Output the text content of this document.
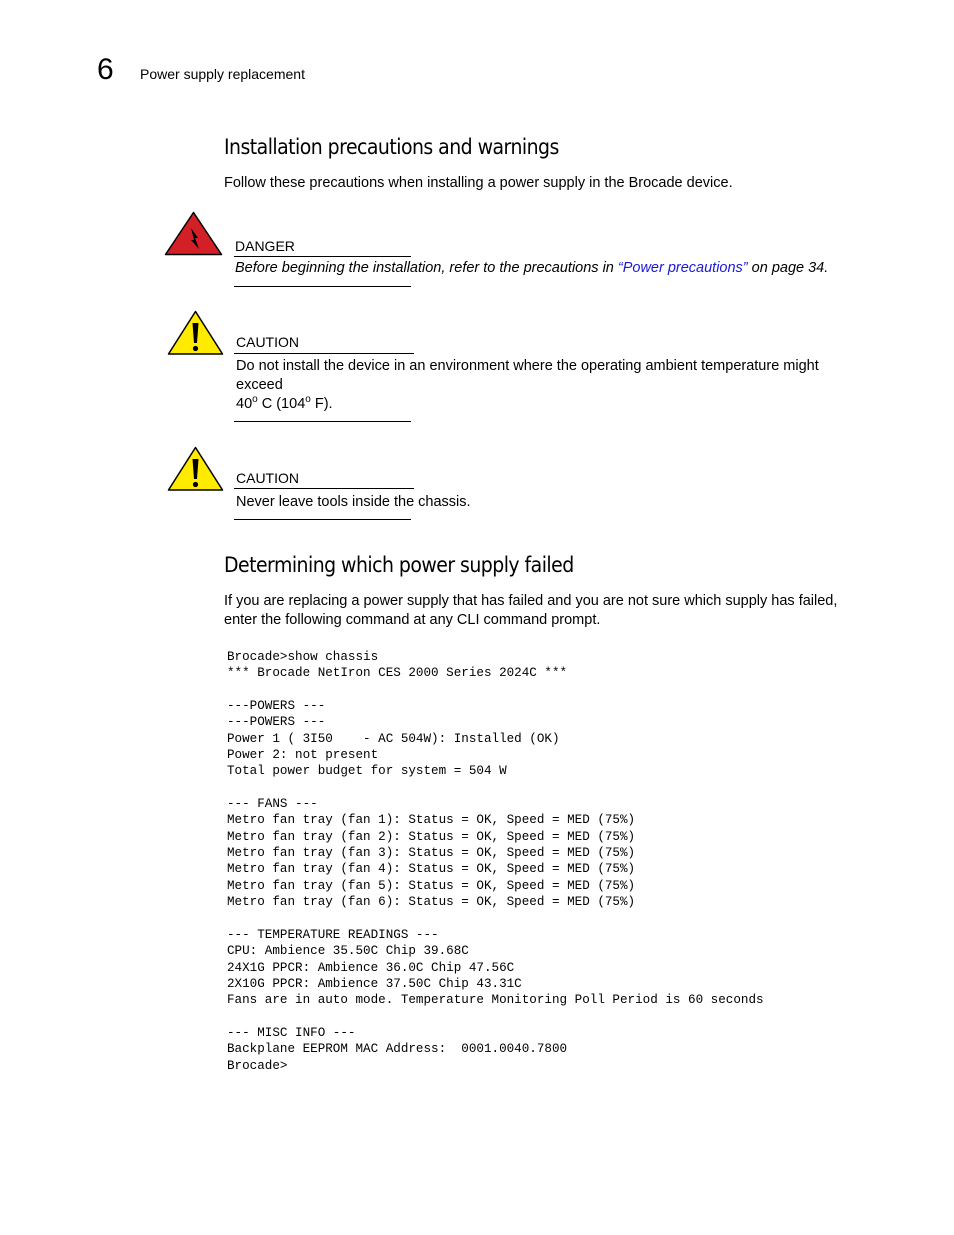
6 Power supply replacement
Installation precautions and warnings
Follow these precautions when installing a power supply in the Brocade device.
DANGER
Before beginning the installation, refer to the precautions in “Power precautions” on page 34.
CAUTION
Do not install the device in an environment where the operating ambient temperature might
exceed
40$^o$ C (104$^o$ F).
CAUTION
Never leave tools inside the chassis.
Determining which power supply failed
If you are replacing a power supply that has failed and you are not sure which supply has failed,
enter the following command at any CLI command prompt.
Brocade>show chassis
*** Brocade NetIron CES 2000 Series 2024C ***
---POWERS ---
---POWERS ---
Power 1 ( 3I50    - AC 504W): Installed (OK)
Power 2: not present
Total power budget for system = 504 W
--- FANS ---
Metro fan tray (fan 1): Status = OK, Speed = MED (75%)
Metro fan tray (fan 2): Status = OK, Speed = MED (75%)
Metro fan tray (fan 3): Status = OK, Speed = MED (75%)
Metro fan tray (fan 4): Status = OK, Speed = MED (75%)
Metro fan tray (fan 5): Status = OK, Speed = MED (75%)
Metro fan tray (fan 6): Status = OK, Speed = MED (75%)
--- TEMPERATURE READINGS ---
CPU: Ambience 35.50C Chip 39.68C
24X1G PPCR: Ambience 36.0C Chip 47.56C
2X10G PPCR: Ambience 37.50C Chip 43.31C
Fans are in auto mode. Temperature Monitoring Poll Period is 60 seconds
--- MISC INFO ---
Backplane EEPROM MAC Address:  0001.0040.7800
Brocade>
